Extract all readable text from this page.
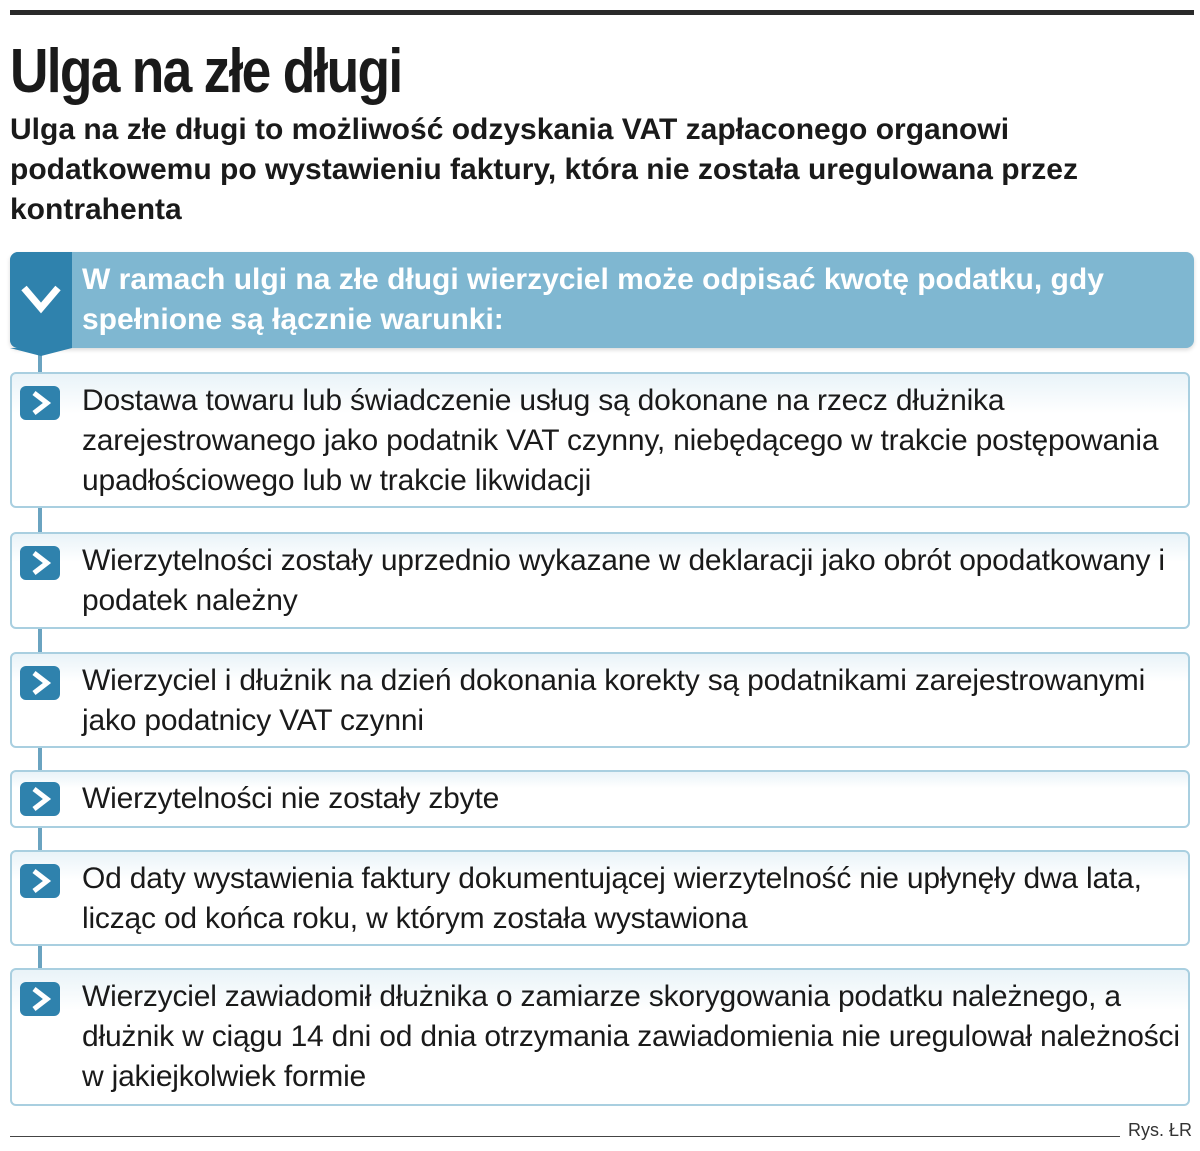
Ulga na złe długi

Ulga na złe długi to możliwość odzyskania VAT zapłaconego organowi podatkowemu po wystawieniu faktury, która nie została uregulowana przez kontrahenta

W ramach ulgi na złe długi wierzyciel może odpisać kwotę podatku, gdy spełnione są łącznie warunki:

Dostawa towaru lub świadczenie usług są dokonane na rzecz dłużnika zarejestrowanego jako podatnik VAT czynny, niebędącego w trakcie postępowania upadłościowego lub w trakcie likwidacji

Wierzytelności zostały uprzednio wykazane w deklaracji jako obrót opodatkowany i podatek należny

Wierzyciel i dłużnik na dzień dokonania korekty są podatnikami zarejestrowanymi jako podatnicy VAT czynni

Wierzytelności nie zostały zbyte

Od daty wystawienia faktury dokumentującej wierzytelność nie upłynęły dwa lata, licząc od końca roku, w którym została wystawiona

Wierzyciel zawiadomił dłużnika o zamiarze skorygowania podatku należnego, a dłużnik w ciągu 14 dni od dnia otrzymania zawiadomienia nie uregulował należności w jakiejkolwiek formie

Rys. ŁR
